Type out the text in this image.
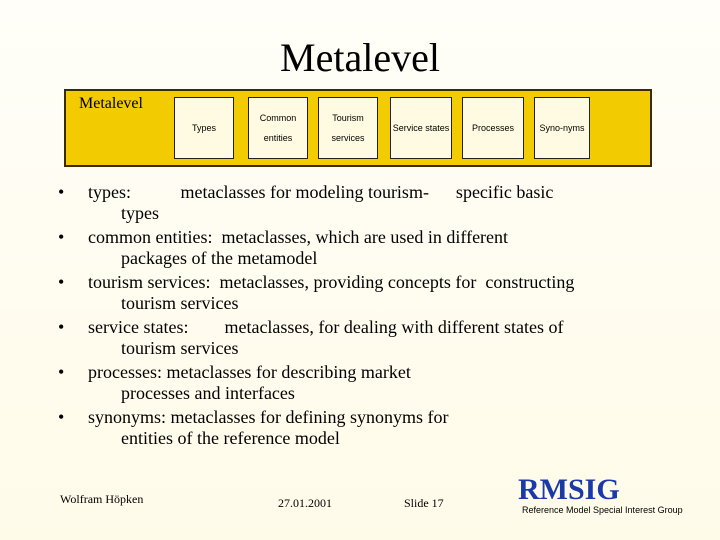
Metalevel
Metalevel
Types
Common
entities
Tourism
services
Service states	Processes	Syno-nyms
• types:           metaclasses for modeling tourism-      specific basic
types
• common entities:  metaclasses, which are used in different
packages of the metamodel
• tourism services:  metaclasses, providing concepts for  constructing
tourism services
• service states:        metaclasses, for dealing with different states of
tourism services
• processes: metaclasses for describing market
processes and interfaces
• synonyms: metaclasses for defining synonyms for
entities of the reference model
Wolfram Höpken	27.01.2001	Slide 17 RMSIG
Reference Model Special Interest Group
